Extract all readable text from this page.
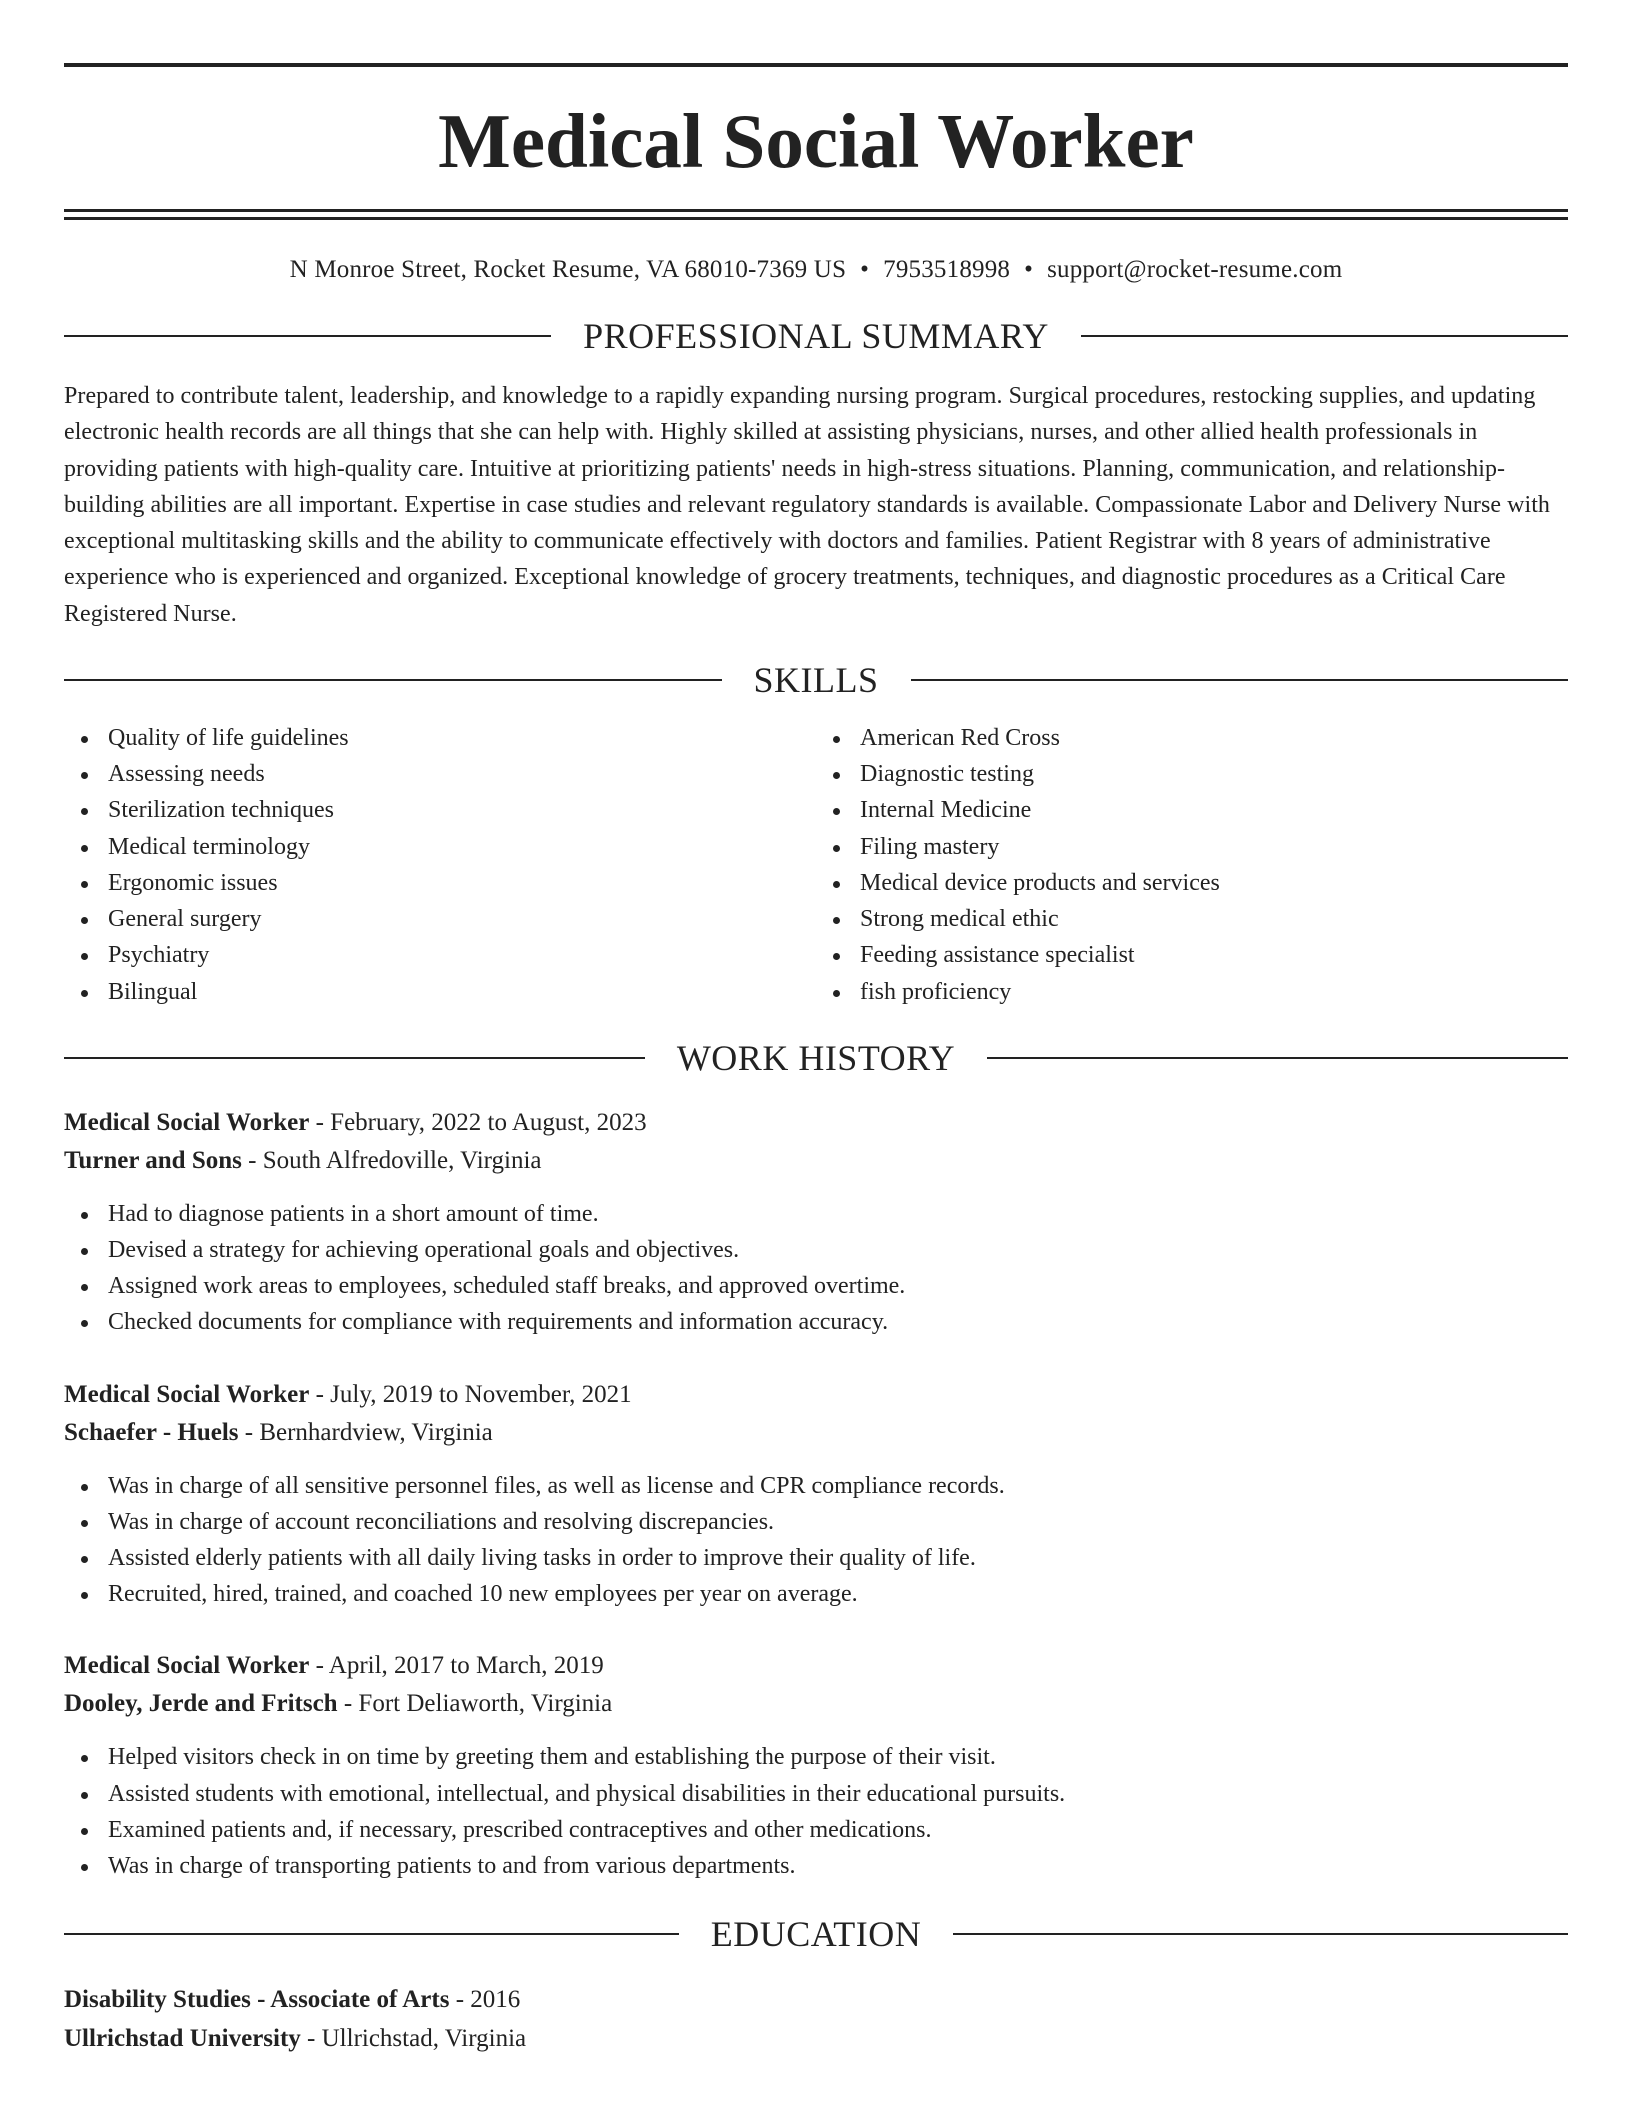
Medical Social Worker
N Monroe Street, Rocket Resume, VA 68010-7369 US • 7953518998 • support@rocket-resume.com
PROFESSIONAL SUMMARY

Prepared to contribute talent, leadership, and knowledge to a rapidly expanding nursing program. Surgical procedures, restocking supplies, and updating electronic health records are all things that she can help with. Highly skilled at assisting physicians, nurses, and other allied health professionals in providing patients with high-quality care. Intuitive at prioritizing patients' needs in high-stress situations. Planning, communication, and relationship-building abilities are all important. Expertise in case studies and relevant regulatory standards is available. Compassionate Labor and Delivery Nurse with exceptional multitasking skills and the ability to communicate effectively with doctors and families. Patient Registrar with 8 years of administrative experience who is experienced and organized. Exceptional knowledge of grocery treatments, techniques, and diagnostic procedures as a Critical Care Registered Nurse.

SKILLS
Quality of life guidelines
Assessing needs
Sterilization techniques
Medical terminology
Ergonomic issues
General surgery
Psychiatry
Bilingual
American Red Cross
Diagnostic testing
Internal Medicine
Filing mastery
Medical device products and services
Strong medical ethic
Feeding assistance specialist
fish proficiency
WORK HISTORY
Medical Social Worker - February, 2022 to August, 2023
Turner and Sons - South Alfredoville, Virginia
Had to diagnose patients in a short amount of time.
Devised a strategy for achieving operational goals and objectives.
Assigned work areas to employees, scheduled staff breaks, and approved overtime.
Checked documents for compliance with requirements and information accuracy.
Medical Social Worker - July, 2019 to November, 2021
Schaefer - Huels - Bernhardview, Virginia
Was in charge of all sensitive personnel files, as well as license and CPR compliance records.
Was in charge of account reconciliations and resolving discrepancies.
Assisted elderly patients with all daily living tasks in order to improve their quality of life.
Recruited, hired, trained, and coached 10 new employees per year on average.
Medical Social Worker - April, 2017 to March, 2019
Dooley, Jerde and Fritsch - Fort Deliaworth, Virginia
Helped visitors check in on time by greeting them and establishing the purpose of their visit.
Assisted students with emotional, intellectual, and physical disabilities in their educational pursuits.
Examined patients and, if necessary, prescribed contraceptives and other medications.
Was in charge of transporting patients to and from various departments.
EDUCATION
Disability Studies - Associate of Arts - 2016
Ullrichstad University - Ullrichstad, Virginia
